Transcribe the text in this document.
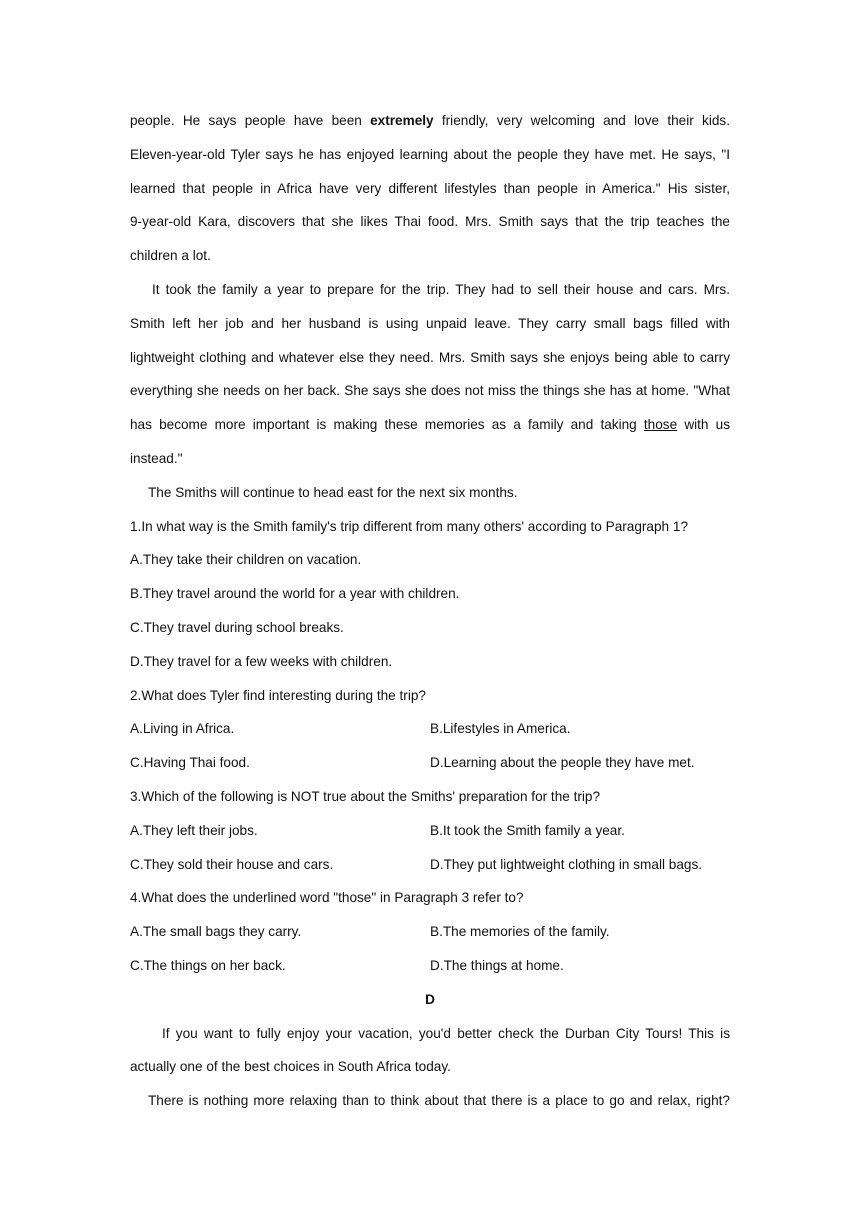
people. He says people have been extremely friendly, very welcoming and love their kids.
Eleven-year-old Tyler says he has enjoyed learning about the people they have met. He says, "I
learned that people in Africa have very different lifestyles than people in America." His sister,
9-year-old Kara, discovers that she likes Thai food. Mrs. Smith says that the trip teaches the
children a lot.
It took the family a year to prepare for the trip. They had to sell their house and cars. Mrs.
Smith left her job and her husband is using unpaid leave. They carry small bags filled with
lightweight clothing and whatever else they need. Mrs. Smith says she enjoys being able to carry
everything she needs on her back. She says she does not miss the things she has at home. "What
has become more important is making these memories as a family and taking those with us
instead."
The Smiths will continue to head east for the next six months.
1.In what way is the Smith family's trip different from many others' according to Paragraph 1?
A.They take their children on vacation.
B.They travel around the world for a year with children.
C.They travel during school breaks.
D.They travel for a few weeks with children.
2.What does Tyler find interesting during the trip?
A.Living in Africa.	B.Lifestyles in America.
C.Having Thai food.	D.Learning about the people they have met.
3.Which of the following is NOT true about the Smiths' preparation for the trip?
A.They left their jobs.	B.It took the Smith family a year.
C.They sold their house and cars.	D.They put lightweight clothing in small bags.
4.What does the underlined word "those" in Paragraph 3 refer to?
A.The small bags they carry.	B.The memories of the family.
C.The things on her back.	D.The things at home.
D
If you want to fully enjoy your vacation, you'd better check the Durban City Tours! This is
actually one of the best choices in South Africa today.
There is nothing more relaxing than to think about that there is a place to go and relax, right?
